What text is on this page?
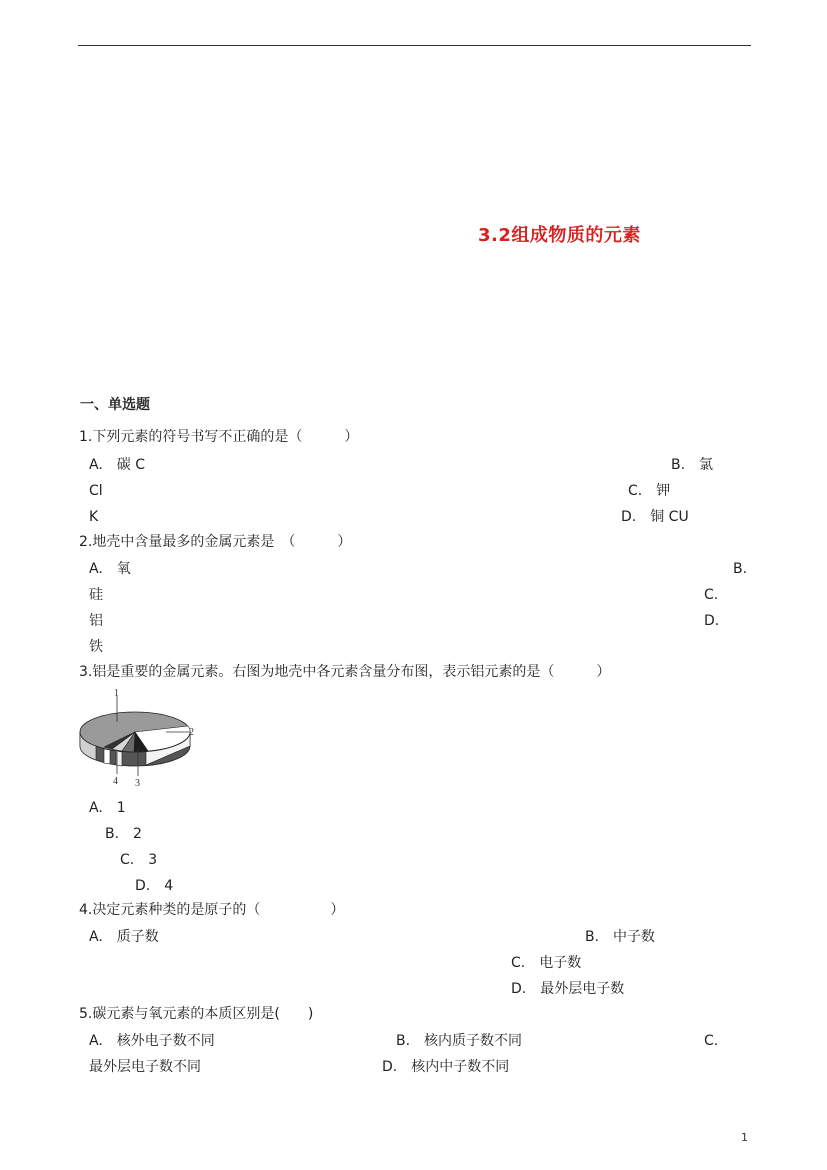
3.2组成物质的元素
一、单选题
1.下列元素的符号书写不正确的是（　　　）
A.　碳 C	B.　氯
Cl	C.　钾
K	D.　铜 CU
2.地壳中含量最多的金属元素是　（　　　）
A.　氧	B.
硅	C.
铝	D.
铁
3.铝是重要的金属元素。右图为地壳中各元素含量分布图，表示铝元素的是（　　　）
1
2
3
4
A.　1
B.　2
C.　3
D.　4
4.决定元素种类的是原子的（　　　　　）
A.　质子数	B.　中子数
C.　电子数
D.　最外层电子数
5.碳元素与氧元素的本质区别是(　　)
A.　核外电子数不同	B.　核内质子数不同	C.
最外层电子数不同	D.　核内中子数不同
1
